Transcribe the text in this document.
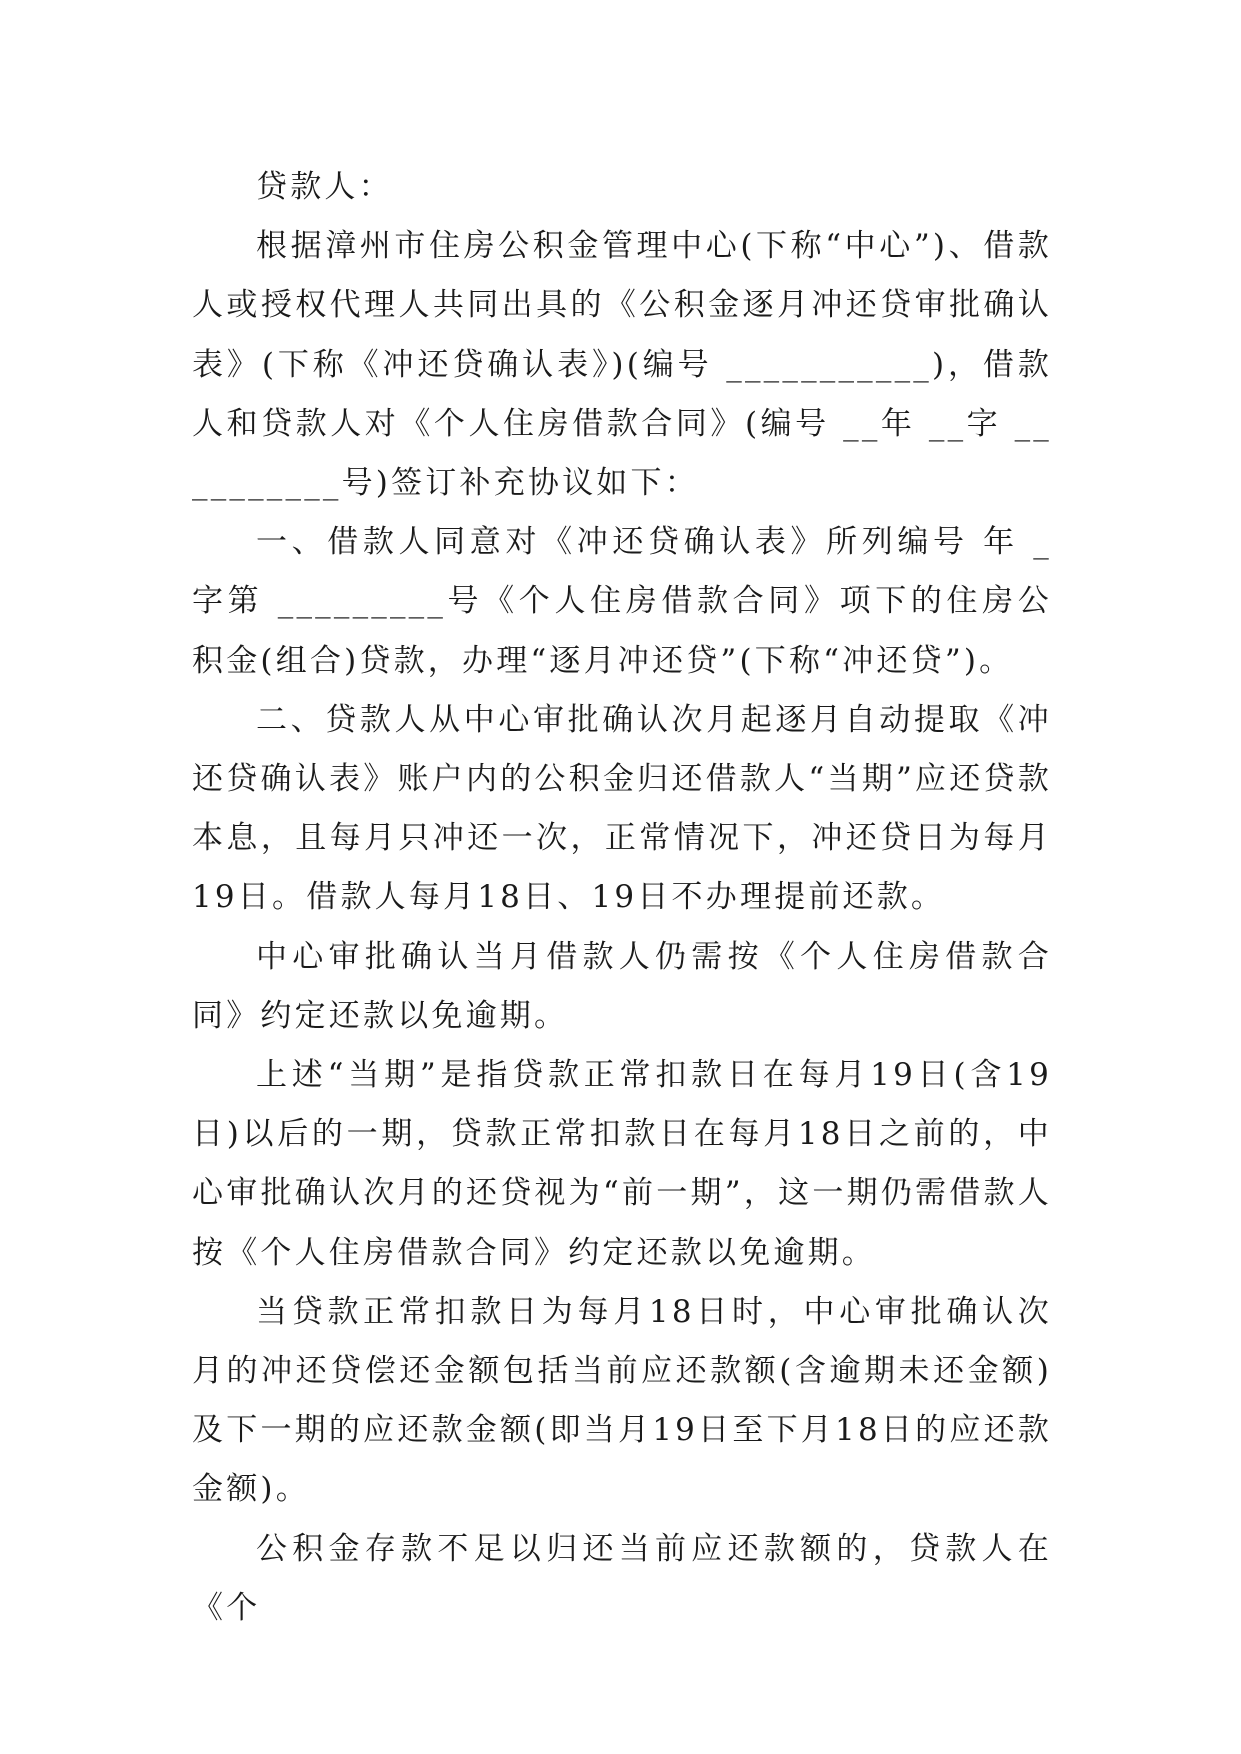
贷款人：

根据漳州市住房公积金管理中心(下称“中心”)、借款人或授权代理人共同出具的《公积金逐月冲还贷审批确认表》(下称《冲还贷确认表》)(编号 ___________)，借款人和贷款人对《个人住房借款合同》(编号 __年 __字 __________号)签订补充协议如下：

一、借款人同意对《冲还贷确认表》所列编号 年 _字第 _________号《个人住房借款合同》项下的住房公积金(组合)贷款，办理“逐月冲还贷”(下称“冲还贷”)。

二、贷款人从中心审批确认次月起逐月自动提取《冲还贷确认表》账户内的公积金归还借款人“当期”应还贷款本息，且每月只冲还一次，正常情况下，冲还贷日为每月19日。借款人每月18日、19日不办理提前还款。

中心审批确认当月借款人仍需按《个人住房借款合同》约定还款以免逾期。

上述“当期”是指贷款正常扣款日在每月19日(含19日)以后的一期，贷款正常扣款日在每月18日之前的，中心审批确认次月的还贷视为“前一期”，这一期仍需借款人按《个人住房借款合同》约定还款以免逾期。

当贷款正常扣款日为每月18日时，中心审批确认次月的冲还贷偿还金额包括当前应还款额(含逾期未还金额)及下一期的应还款金额(即当月19日至下月18日的应还款金额)。

公积金存款不足以归还当前应还款额的，贷款人在《个
